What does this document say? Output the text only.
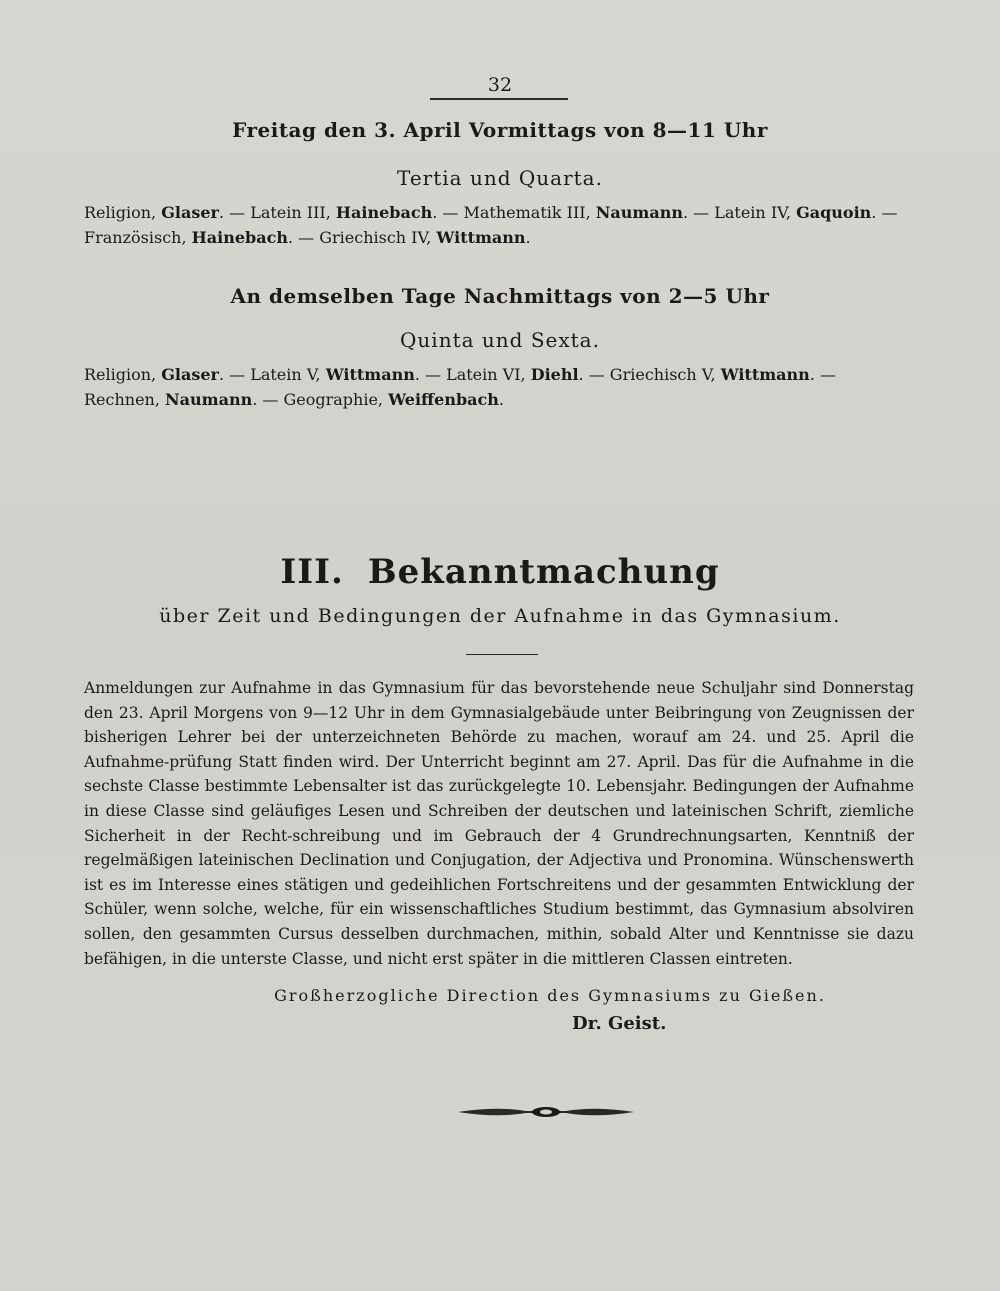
32
Freitag den 3. April Vormittags von 8—11 Uhr
Tertia und Quarta.
Religion, Glaser. — Latein III, Hainebach. — Mathematik III, Naumann. — Latein IV, Gaquoin. —
Französisch, Hainebach. — Griechisch IV, Wittmann.
An demselben Tage Nachmittags von 2—5 Uhr
Quinta und Sexta.
Religion, Glaser. — Latein V, Wittmann. — Latein VI, Diehl. — Griechisch V, Wittmann. —
Rechnen, Naumann. — Geographie, Weiffenbach.
III. Bekanntmachung
über Zeit und Bedingungen der Aufnahme in das Gymnasium.
Anmeldungen zur Aufnahme in das Gymnasium für das bevorstehende neue Schuljahr sind Donnerstag den 23. April Morgens von 9—12 Uhr in dem Gymnasialgebäude unter Beibringung von Zeugnissen der bisherigen Lehrer bei der unterzeichneten Behörde zu machen, worauf am 24. und 25. April die Aufnahme-prüfung Statt finden wird. Der Unterricht beginnt am 27. April. Das für die Aufnahme in die sechste Classe bestimmte Lebensalter ist das zurückgelegte 10. Lebensjahr. Bedingungen der Aufnahme in diese Classe sind geläufiges Lesen und Schreiben der deutschen und lateinischen Schrift, ziemliche Sicherheit in der Recht-schreibung und im Gebrauch der 4 Grundrechnungsarten, Kenntniß der regelmäßigen lateinischen Declination und Conjugation, der Adjectiva und Pronomina. Wünschenswerth ist es im Interesse eines stätigen und gedeihlichen Fortschreitens und der gesammten Entwicklung der Schüler, wenn solche, welche, für ein wissenschaftliches Studium bestimmt, das Gymnasium absolviren sollen, den gesammten Cursus desselben durchmachen, mithin, sobald Alter und Kenntnisse sie dazu befähigen, in die unterste Classe, und nicht erst später in die mittleren Classen eintreten.
Großherzogliche Direction des Gymnasiums zu Gießen.
Dr. Geist.
